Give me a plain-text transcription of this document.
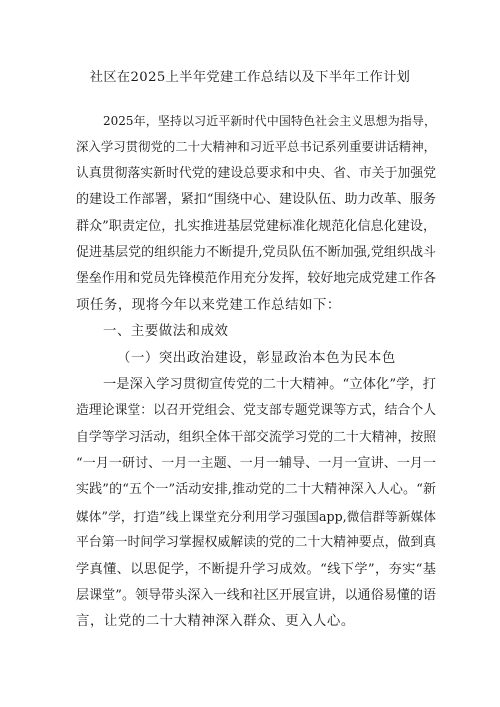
社区在2025上半年党建工作总结以及下半年工作计划
2025年，坚持以习近平新时代中国特色社会主义思想为指导，
深入学习贯彻党的二十大精神和习近平总书记系列重要讲话精神，
认真贯彻落实新时代党的建设总要求和中央、省、市关于加强党
的建设工作部署，紧扣“围绕中心、建设队伍、助力改革、服务
群众”职责定位，扎实推进基层党建标准化规范化信息化建设，
促进基层党的组织能力不断提升,党员队伍不断加强,党组织战斗
堡垒作用和党员先锋模范作用充分发挥，较好地完成党建工作各
项任务，现将今年以来党建工作总结如下：
一、主要做法和成效
（一）突出政治建设，彰显政治本色为民本色
一是深入学习贯彻宣传党的二十大精神。“立体化”学，打
造理论课堂：以召开党组会、党支部专题党课等方式，结合个人
自学等学习活动，组织全体干部交流学习党的二十大精神，按照
“一月一研讨、一月一主题、一月一辅导、一月一宣讲、一月一
实践”的“五个一”活动安排,推动党的二十大精神深入人心。“新
媒体”学，打造”线上课堂充分利用学习强国app,微信群等新媒体
平台第一时间学习掌握权威解读的党的二十大精神要点，做到真
学真懂、以思促学，不断提升学习成效。“线下学”，夯实“基
层课堂”。领导带头深入一线和社区开展宣讲，以通俗易懂的语
言，让党的二十大精神深入群众、更入人心。
